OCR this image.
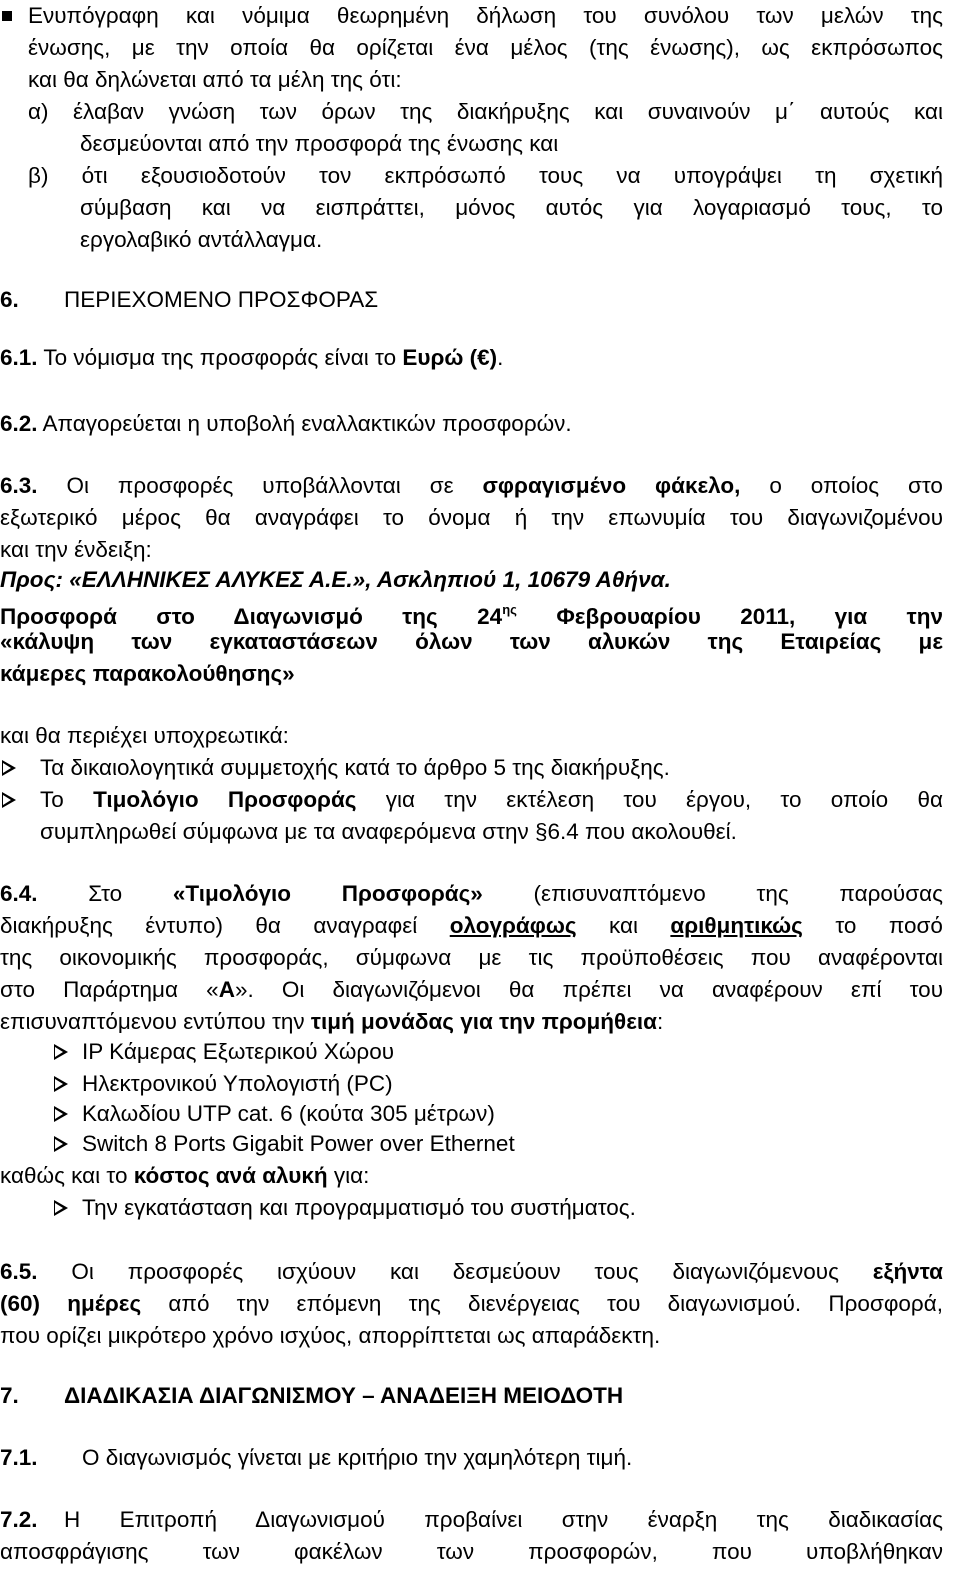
Ενυπόγραφη και νόμιμα θεωρημένη δήλωση του συνόλου των μελών της
ένωσης, με την οποία θα ορίζεται ένα μέλος (της ένωσης), ως εκπρόσωπος
και θα δηλώνεται από τα μέλη της ότι:
α) έλαβαν γνώση των όρων της διακήρυξης και συναινούν μ΄ αυτούς και
δεσμεύονται από την προσφορά της ένωσης και
β) ότι εξουσιοδοτούν τον εκπρόσωπό τους να υπογράψει τη σχετική
σύμβαση και να εισπράττει, μόνος αυτός για λογαριασμό τους, το
εργολαβικό αντάλλαγμα.
6. ΠΕΡΙΕΧΟΜΕΝΟ ΠΡΟΣΦΟΡΑΣ
6.1. Το νόμισμα της προσφοράς είναι το Ευρώ (€).
6.2. Απαγορεύεται η υποβολή εναλλακτικών προσφορών.
6.3. Οι προσφορές υποβάλλονται σε σφραγισμένο φάκελο, ο οποίος στο
εξωτερικό μέρος θα αναγράφει το όνομα ή την επωνυμία του διαγωνιζομένου
και την ένδειξη:
Προς: «ΕΛΛΗΝΙΚΕΣ ΑΛΥΚΕΣ Α.Ε.», Ασκληπιού 1, 10679 Αθήνα.
Προσφορά στο Διαγωνισμό της $24^{\eta\varsigma}$ Φεβρουαρίου 2011, για την
«κάλυψη των εγκαταστάσεων όλων των αλυκών της Εταιρείας με
κάμερες παρακολούθησης»
και θα περιέχει υποχρεωτικά:
Τα δικαιολογητικά συμμετοχής κατά το άρθρο 5 της διακήρυξης.
Το Τιμολόγιο Προσφοράς για την εκτέλεση του έργου, το οποίο θα
συμπληρωθεί σύμφωνα με τα αναφερόμενα στην §6.4 που ακολουθεί.
6.4. Στο «Τιμολόγιο Προσφοράς» (επισυναπτόμενο της παρούσας
διακήρυξης έντυπο) θα αναγραφεί ολογράφως και αριθμητικώς το ποσό
της οικονομικής προσφοράς, σύμφωνα με τις προϋποθέσεις που αναφέρονται
στο Παράρτημα «Α». Οι διαγωνιζόμενοι θα πρέπει να αναφέρουν επί του
επισυναπτόμενου εντύπου την τιμή μονάδας για την προμήθεια:
IP Κάμερας Εξωτερικού Χώρου
Ηλεκτρονικού Υπολογιστή (PC)
Καλωδίου UTP cat. 6 (κούτα 305 μέτρων)
Switch 8 Ports Gigabit Power over Ethernet
καθώς και το κόστος ανά αλυκή για:
Την εγκατάσταση και προγραμματισμό του συστήματος.
6.5. Οι προσφορές ισχύουν και δεσμεύουν τους διαγωνιζόμενους εξήντα
(60) ημέρες από την επόμενη της διενέργειας του διαγωνισμού. Προσφορά,
που ορίζει μικρότερο χρόνο ισχύος, απορρίπτεται ως απαράδεκτη.
7. ΔΙΑΔΙΚΑΣΙΑ ΔΙΑΓΩΝΙΣΜΟΥ – ΑΝΑΔΕΙΞΗ ΜΕΙΟΔΟΤΗ
7.1. Ο διαγωνισμός γίνεται με κριτήριο την χαμηλότερη τιμή.
7.2. Η Επιτροπή Διαγωνισμού προβαίνει στην έναρξη της διαδικασίας
αποσφράγισης των φακέλων των προσφορών, που υποβλήθηκαν
